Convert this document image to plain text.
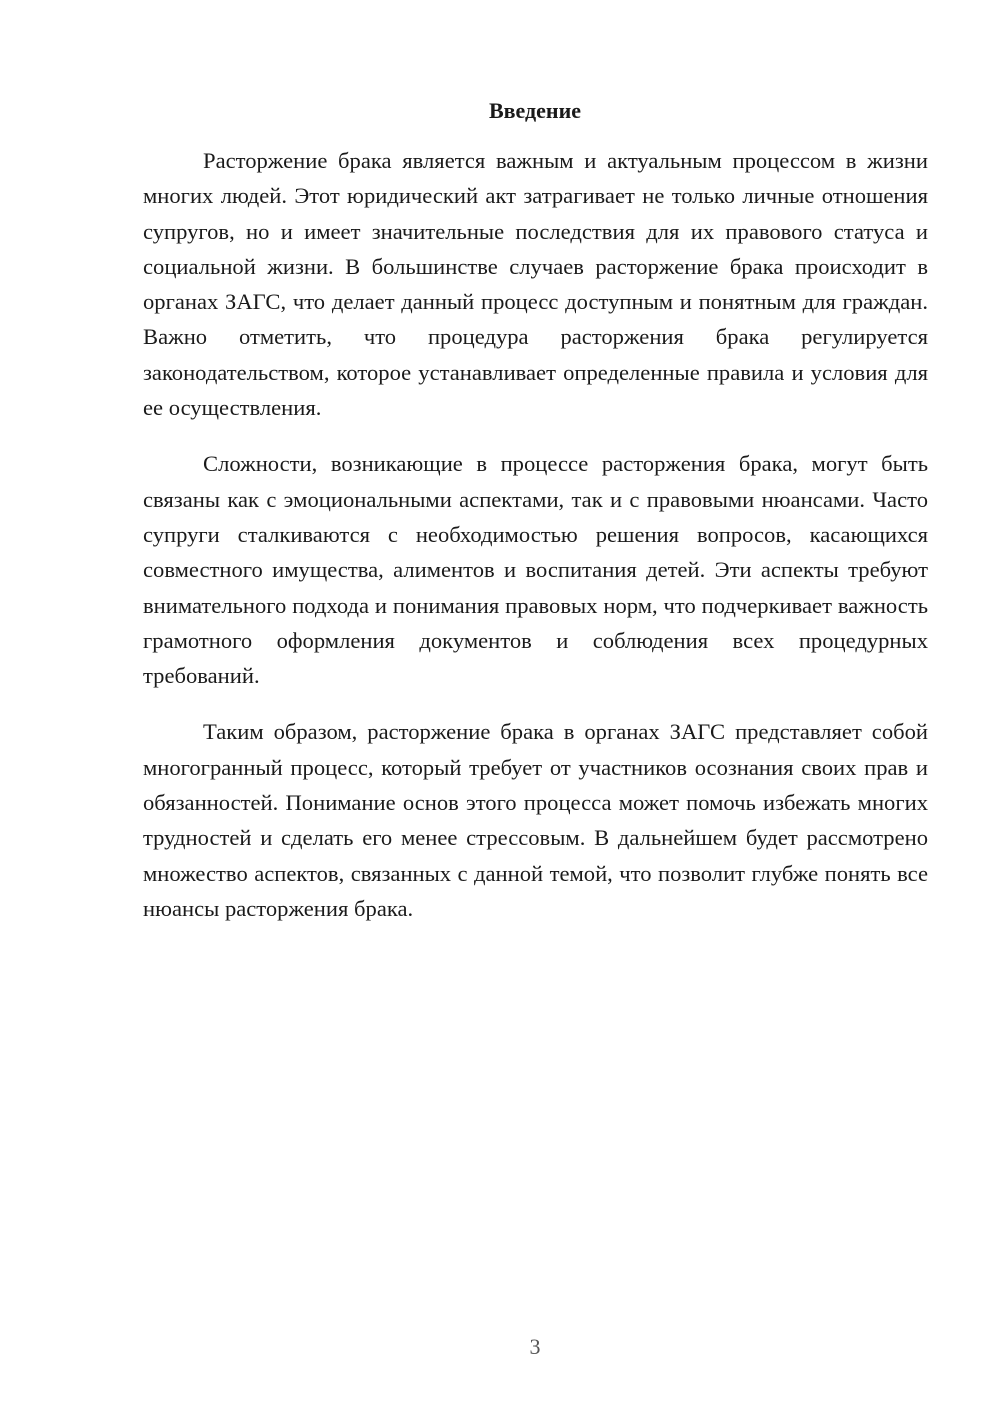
Введение

Расторжение брака является важным и актуальным процессом в жизни многих людей. Этот юридический акт затрагивает не только личные отношения супругов, но и имеет значительные последствия для их правового статуса и социальной жизни. В большинстве случаев расторжение брака происходит в органах ЗАГС, что делает данный процесс доступным и понятным для граждан. Важно отметить, что процедура расторжения брака регулируется законодательством, которое устанавливает определенные правила и условия для ее осуществления.

Сложности, возникающие в процессе расторжения брака, могут быть связаны как с эмоциональными аспектами, так и с правовыми нюансами. Часто супруги сталкиваются с необходимостью решения вопросов, касающихся совместного имущества, алиментов и воспитания детей. Эти аспекты требуют внимательного подхода и понимания правовых норм, что подчеркивает важность грамотного оформления документов и соблюдения всех процедурных требований.

Таким образом, расторжение брака в органах ЗАГС представляет собой многогранный процесс, который требует от участников осознания своих прав и обязанностей. Понимание основ этого процесса может помочь избежать многих трудностей и сделать его менее стрессовым. В дальнейшем будет рассмотрено множество аспектов, связанных с данной темой, что позволит глубже понять все нюансы расторжения брака.

3
